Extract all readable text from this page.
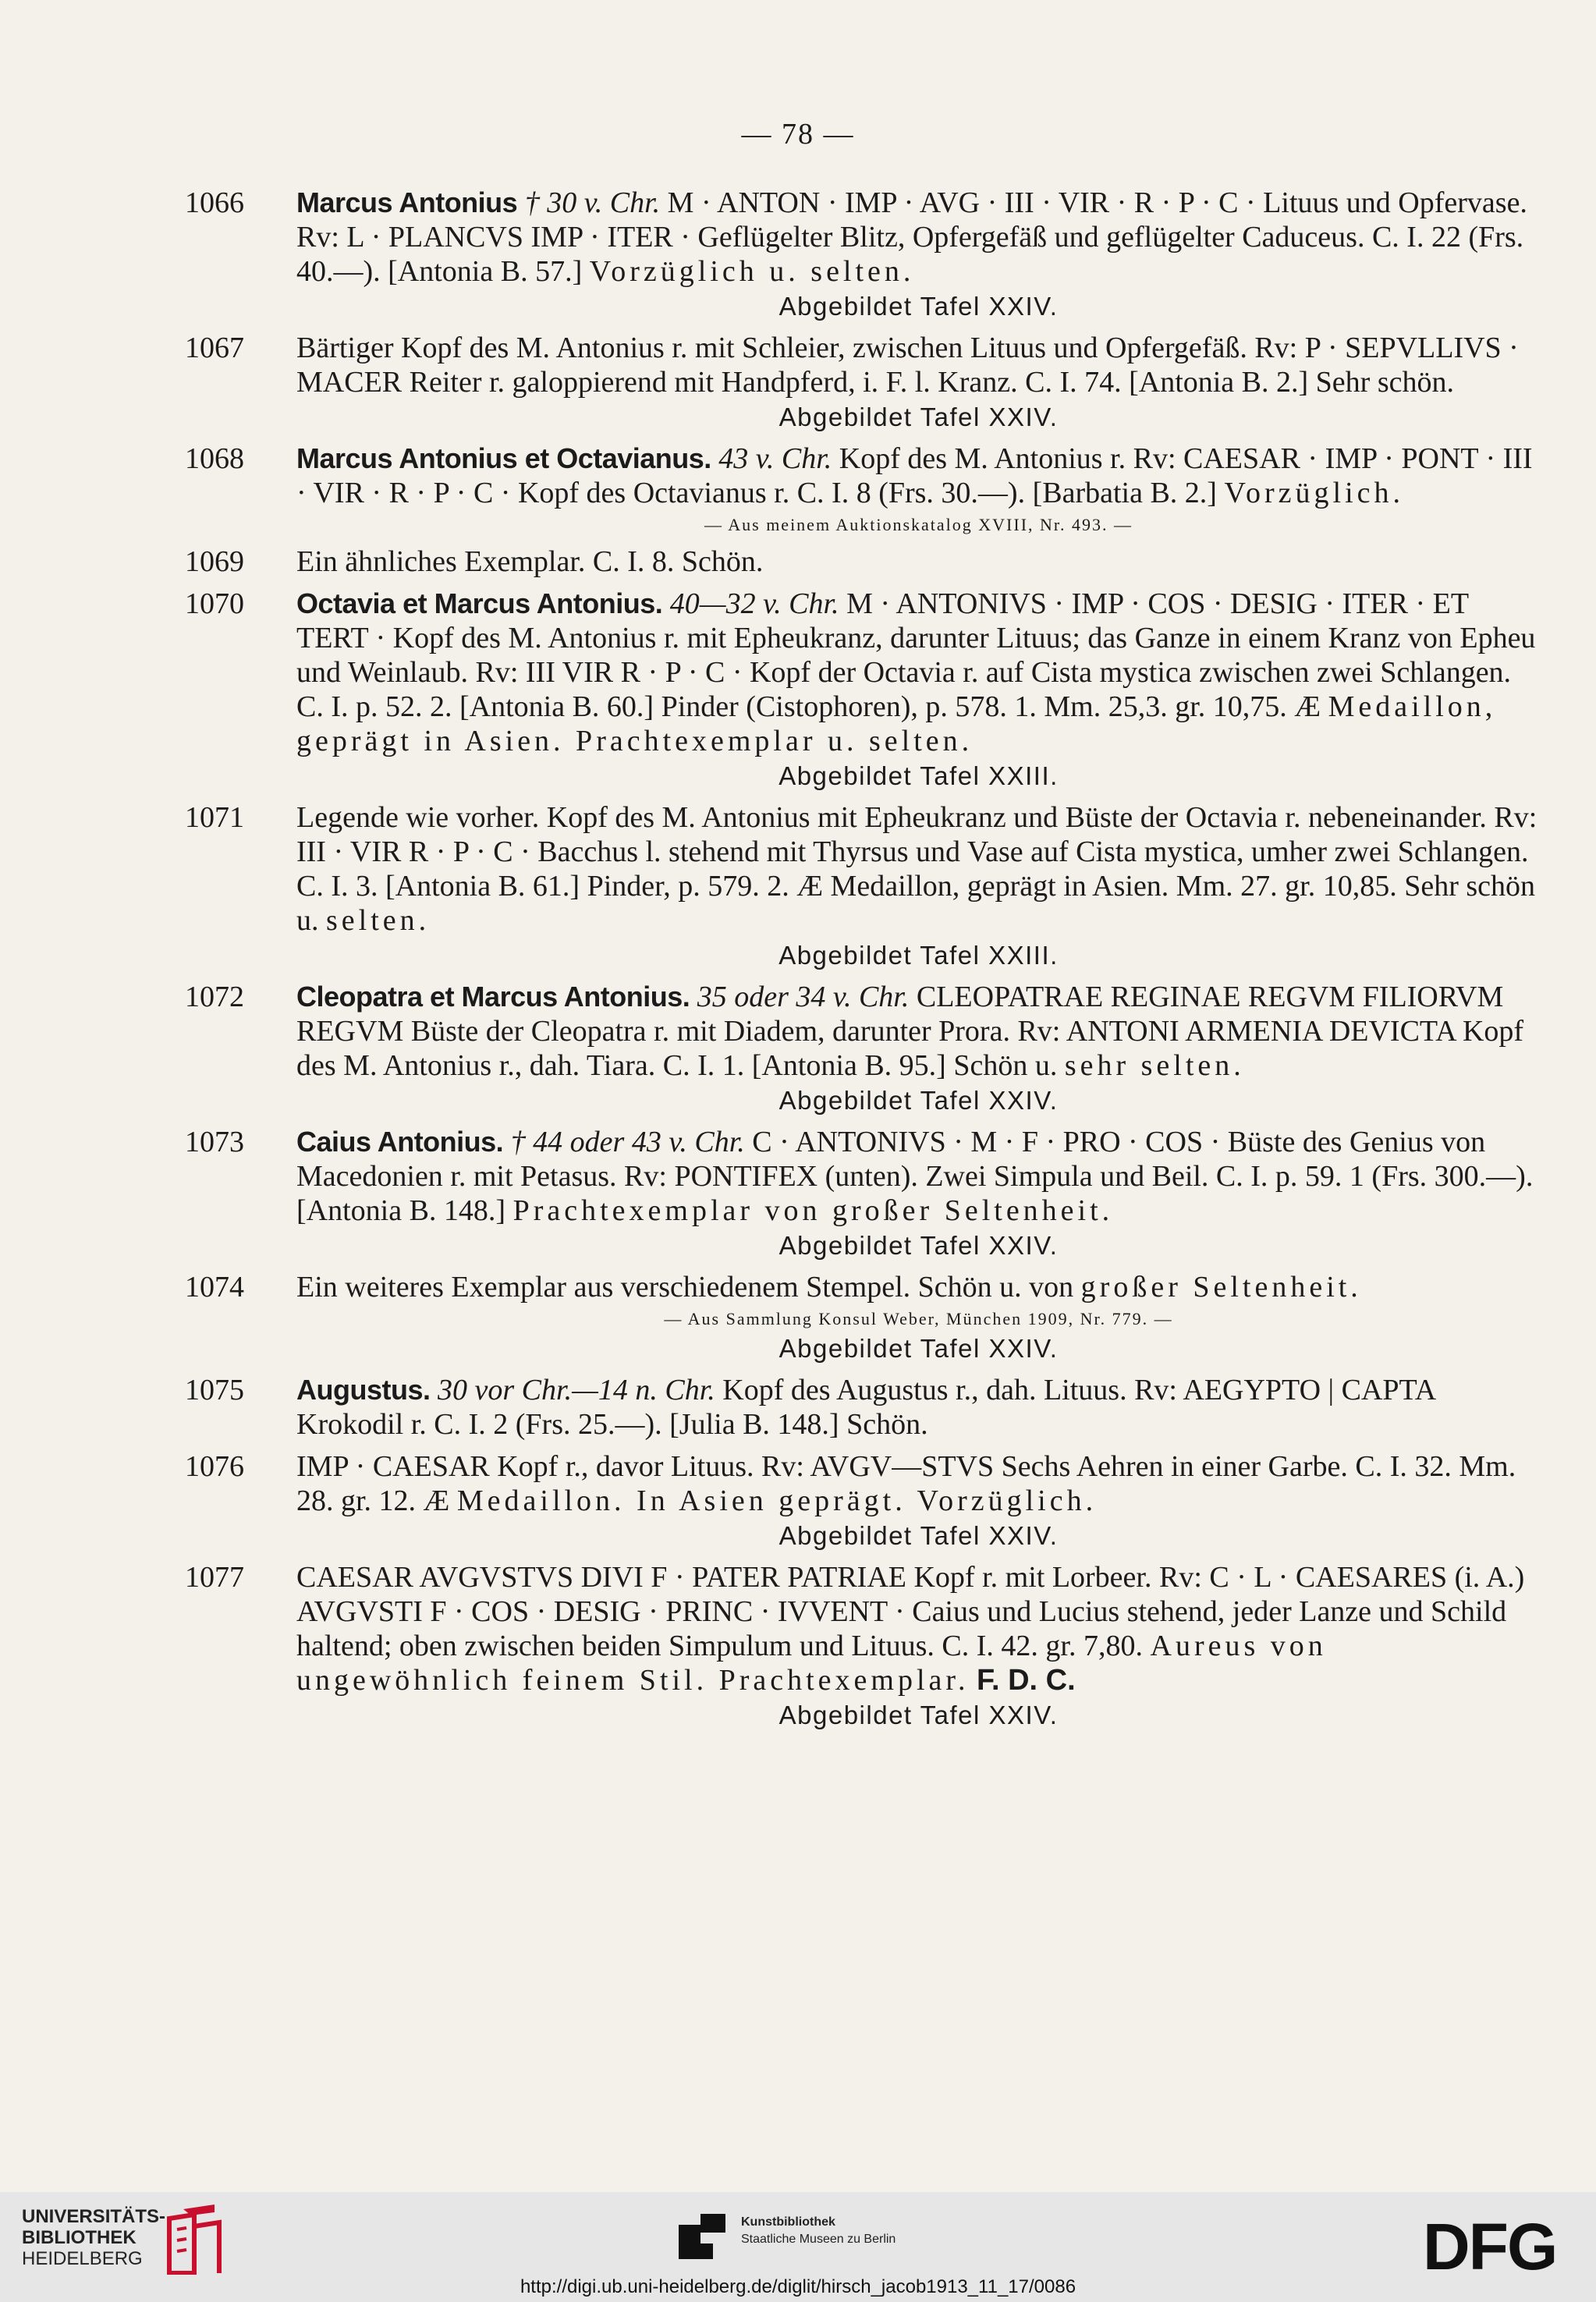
— 78 —
1066 Marcus Antonius † 30 v. Chr. M · ANTON · IMP · AVG · III · VIR · R · P · C · Lituus und Opfervase. Rv: L · PLANCVS IMP · ITER · Geflügelter Blitz, Opfergefäß und geflügelter Caduceus. C. I. 22 (Frs. 40.—). [Antonia B. 57.] Vorzüglich u. selten.
Abgebildet Tafel XXIV.
1067 Bärtiger Kopf des M. Antonius r. mit Schleier, zwischen Lituus und Opfergefäß. Rv: P · SEPVLLIVS · MACER Reiter r. galoppierend mit Handpferd, i. F. l. Kranz. C. I. 74. [Antonia B. 2.] Sehr schön.
Abgebildet Tafel XXIV.
1068 Marcus Antonius et Octavianus. 43 v. Chr. Kopf des M. Antonius r. Rv: CAESAR · IMP · PONT · III · VIR · R · P · C · Kopf des Octavianus r. C. I. 8 (Frs. 30.—). [Barbatia B. 2.] Vorzüglich.
— Aus meinem Auktionskatalog XVIII, Nr. 493. —
1069 Ein ähnliches Exemplar. C. I. 8. Schön.
1070 Octavia et Marcus Antonius. 40—32 v. Chr. M · ANTONIVS · IMP · COS · DESIG · ITER · ET TERT · Kopf des M. Antonius r. mit Epheukranz, darunter Lituus; das Ganze in einem Kranz von Epheu und Weinlaub. Rv: III VIR R · P · C · Kopf der Octavia r. auf Cista mystica zwischen zwei Schlangen. C. I. p. 52. 2. [Antonia B. 60.] Pinder (Cistophoren), p. 578. 1. Mm. 25,3. gr. 10,75. Æ Medaillon, geprägt in Asien. Prachtexemplar u. selten.
Abgebildet Tafel XXIII.
1071 Legende wie vorher. Kopf des M. Antonius mit Epheukranz und Büste der Octavia r. nebeneinander. Rv: III · VIR R · P · C · Bacchus l. stehend mit Thyrsus und Vase auf Cista mystica, umher zwei Schlangen. C. I. 3. [Antonia B. 61.] Pinder, p. 579. 2. Æ Medaillon, geprägt in Asien. Mm. 27. gr. 10,85. Sehr schön u. selten.
Abgebildet Tafel XXIII.
1072 Cleopatra et Marcus Antonius. 35 oder 34 v. Chr. CLEOPATRAE REGINAE REGVM FILIORVM REGVM Büste der Cleopatra r. mit Diadem, darunter Prora. Rv: ANTONI ARMENIA DEVICTA Kopf des M. Antonius r., dah. Tiara. C. I. 1. [Antonia B. 95.] Schön u. sehr selten.
Abgebildet Tafel XXIV.
1073 Caius Antonius. † 44 oder 43 v. Chr. C · ANTONIVS · M · F · PRO · COS · Büste des Genius von Macedonien r. mit Petasus. Rv: PONTIFEX (unten). Zwei Simpula und Beil. C. I. p. 59. 1 (Frs. 300.—). [Antonia B. 148.] Prachtexemplar von großer Seltenheit.
Abgebildet Tafel XXIV.
1074 Ein weiteres Exemplar aus verschiedenem Stempel. Schön u. von großer Seltenheit.
— Aus Sammlung Konsul Weber, München 1909, Nr. 779. —
Abgebildet Tafel XXIV.
1075 Augustus. 30 vor Chr.—14 n. Chr. Kopf des Augustus r., dah. Lituus. Rv: AEGYPTO | CAPTA Krokodil r. C. I. 2 (Frs. 25.—). [Julia B. 148.] Schön.
1076 IMP · CAESAR Kopf r., davor Lituus. Rv: AVGV—STVS Sechs Aehren in einer Garbe. C. I. 32. Mm. 28. gr. 12. Æ Medaillon. In Asien geprägt. Vorzüglich.
Abgebildet Tafel XXIV.
1077 CAESAR AVGVSTVS DIVI F · PATER PATRIAE Kopf r. mit Lorbeer. Rv: C · L · CAESARES (i. A.) AVGVSTI F · COS · DESIG · PRINC · IVVENT · Caius und Lucius stehend, jeder Lanze und Schild haltend; oben zwischen beiden Simpulum und Lituus. C. I. 42. gr. 7,80. Aureus von ungewöhnlich feinem Stil. Prachtexemplar. F. D. C.
Abgebildet Tafel XXIV.
UNIVERSITÄTS-
BIBLIOTHEK
HEIDELBERG
Kunstbibliothek
Staatliche Museen zu Berlin	DFG
http://digi.ub.uni-heidelberg.de/diglit/hirsch_jacob1913_11_17/0086
